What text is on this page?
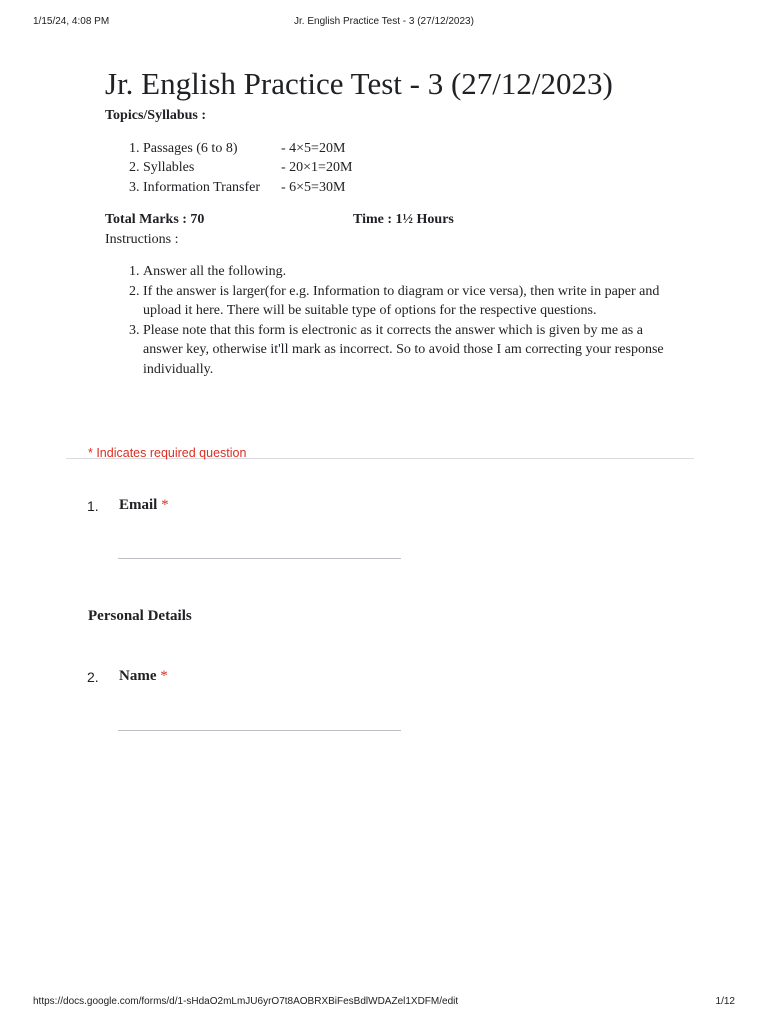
1/15/24, 4:08 PM	Jr. English Practice Test - 3 (27/12/2023)
Jr. English Practice Test - 3 (27/12/2023)
Topics/Syllabus :
1. Passages (6 to 8)	- 4×5=20M
2. Syllables	- 20×1=20M
3. Information Transfer - 6×5=30M
Total Marks : 70	Time : 1½ Hours
Instructions :
1. Answer all the following.
2. If the answer is larger(for e.g. Information to diagram or vice versa), then write in paper and upload it here. There will be suitable type of options for the respective questions.
3. Please note that this form is electronic as it corrects the answer which is given by me as a answer key, otherwise it'll mark as incorrect. So to avoid those I am correcting your response individually.
* Indicates required question
1. Email *
Personal Details
2. Name *
https://docs.google.com/forms/d/1-sHdaO2mLmJU6yrO7t8AOBRXBiFesBdlWDAZel1XDFM/edit	1/12
